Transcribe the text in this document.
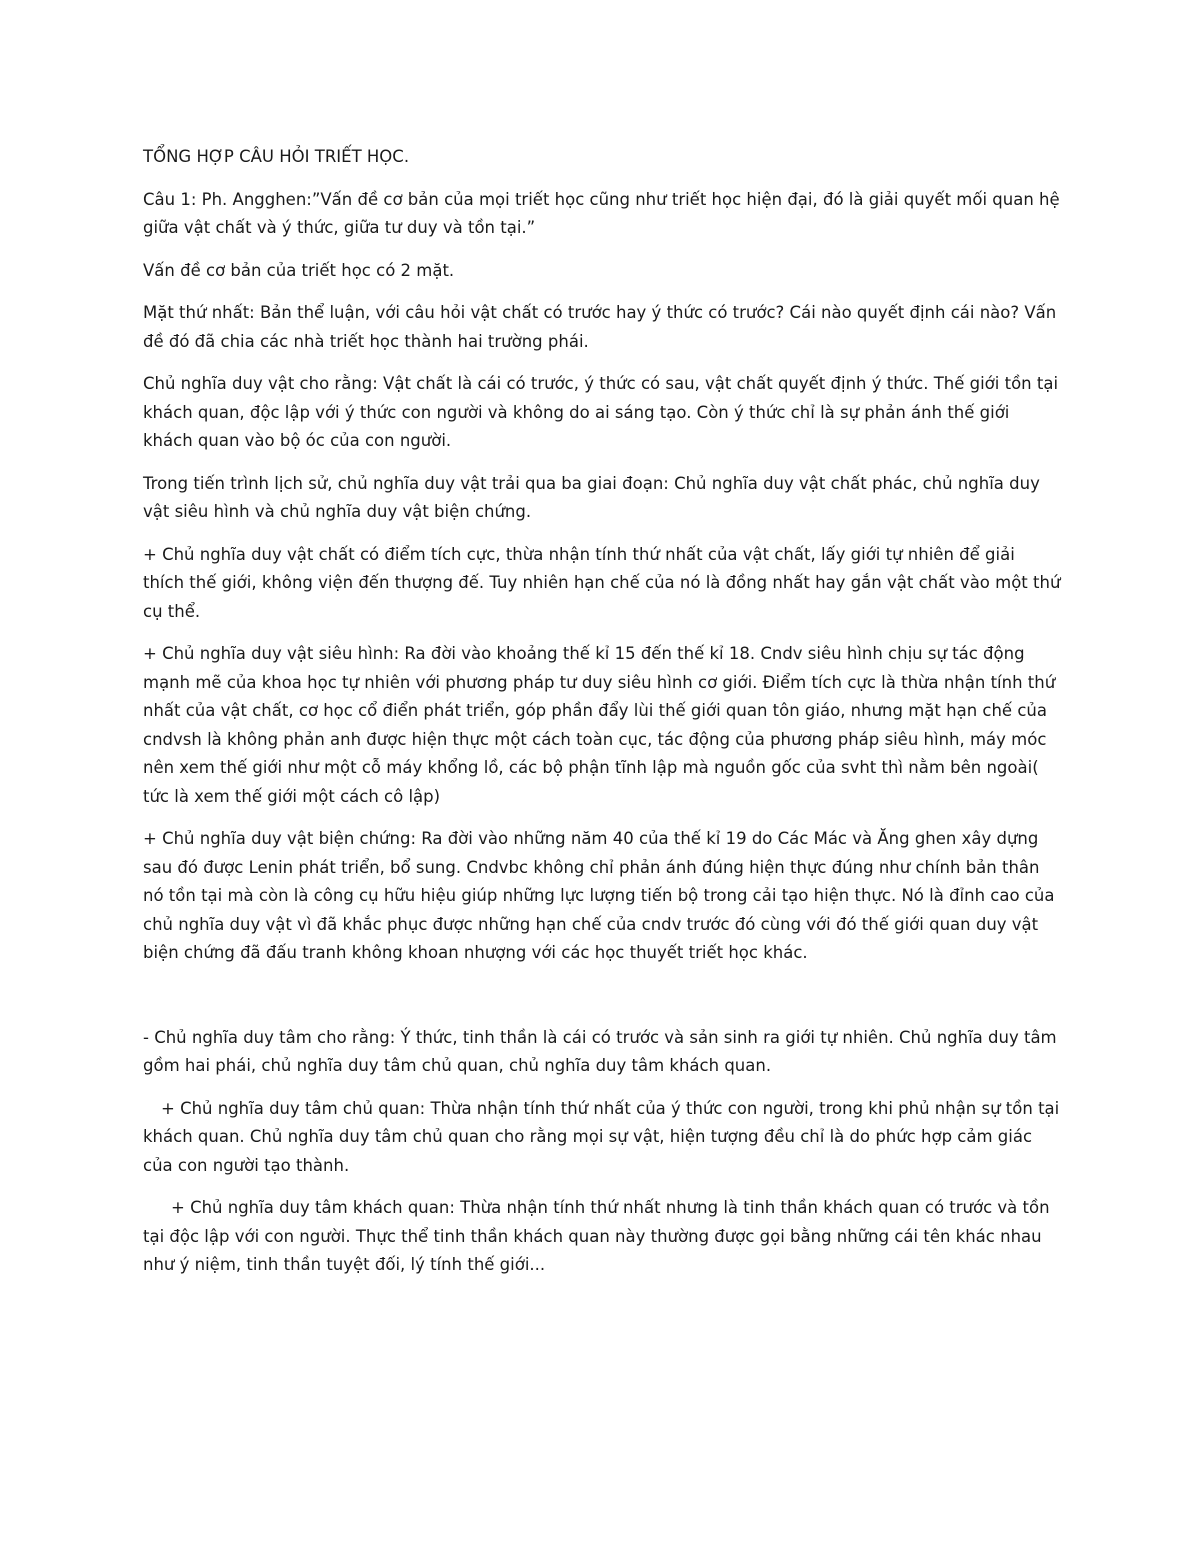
TỔNG HỢP CÂU HỎI TRIẾT HỌC.

Câu 1: Ph. Angghen:”Vấn đề cơ bản của mọi triết học cũng như triết học hiện đại, đó là giải quyết mối quan hệ giữa vật chất và ý thức, giữa tư duy và tồn tại.”

Vấn đề cơ bản của triết học có 2 mặt.

Mặt thứ nhất: Bản thể luận, với câu hỏi vật chất có trước hay ý thức có trước? Cái nào quyết định cái nào? Vấn đề đó đã chia các nhà triết học thành hai trường phái.

Chủ nghĩa duy vật cho rằng: Vật chất là cái có trước, ý thức có sau, vật chất quyết định ý thức. Thế giới tồn tại khách quan, độc lập với ý thức con người và không do ai sáng tạo. Còn ý thức chỉ là sự phản ánh thế giới khách quan vào bộ óc của con người.

Trong tiến trình lịch sử, chủ nghĩa duy vật trải qua ba giai đoạn: Chủ nghĩa duy vật chất phác, chủ nghĩa duy vật siêu hình và chủ nghĩa duy vật biện chứng.

+ Chủ nghĩa duy vật chất có điểm tích cực, thừa nhận tính thứ nhất của vật chất, lấy giới tự nhiên để giải thích thế giới, không viện đến thượng đế. Tuy nhiên hạn chế của nó là đồng nhất hay gắn vật chất vào một thứ cụ thể.

+ Chủ nghĩa duy vật siêu hình: Ra đời vào khoảng thế kỉ 15 đến thế kỉ 18. Cndv siêu hình chịu sự tác động mạnh mẽ của khoa học tự nhiên với phương pháp tư duy siêu hình cơ giới. Điểm tích cực là thừa nhận tính thứ nhất của vật chất, cơ học cổ điển phát triển, góp phần đẩy lùi thế giới quan tôn giáo, nhưng mặt hạn chế của cndvsh là không phản anh được hiện thực một cách toàn cục, tác động của phương pháp siêu hình, máy móc nên xem thế giới như một cỗ máy khổng lồ, các bộ phận tĩnh lập mà nguồn gốc của svht thì nằm bên ngoài( tức là xem thế giới một cách cô lập)

+ Chủ nghĩa duy vật biện chứng: Ra đời vào những năm 40 của thế kỉ 19 do Các Mác và Ăng ghen xây dựng sau đó được Lenin phát triển, bổ sung. Cndvbc không chỉ phản ánh đúng hiện thực đúng như chính bản thân nó tồn tại mà còn là công cụ hữu hiệu giúp những lực lượng tiến bộ trong cải tạo hiện thực. Nó là đỉnh cao của chủ nghĩa duy vật vì đã khắc phục được những hạn chế của cndv trước đó cùng với đó thế giới quan duy vật biện chứng đã đấu tranh không khoan nhượng với các học thuyết triết học khác.

- Chủ nghĩa duy tâm cho rằng: Ý thức, tinh thần là cái có trước và sản sinh ra giới tự nhiên. Chủ nghĩa duy tâm gồm hai phái, chủ nghĩa duy tâm chủ quan, chủ nghĩa duy tâm khách quan.

+ Chủ nghĩa duy tâm chủ quan: Thừa nhận tính thứ nhất của ý thức con người, trong khi phủ nhận sự tồn tại khách quan. Chủ nghĩa duy tâm chủ quan cho rằng mọi sự vật, hiện tượng đều chỉ là do phức hợp cảm giác của con người tạo thành.

+ Chủ nghĩa duy tâm khách quan: Thừa nhận tính thứ nhất nhưng là tinh thần khách quan có trước và tồn tại độc lập với con người. Thực thể tinh thần khách quan này thường được gọi bằng những cái tên khác nhau như ý niệm, tinh thần tuyệt đối, lý tính thế giới...
